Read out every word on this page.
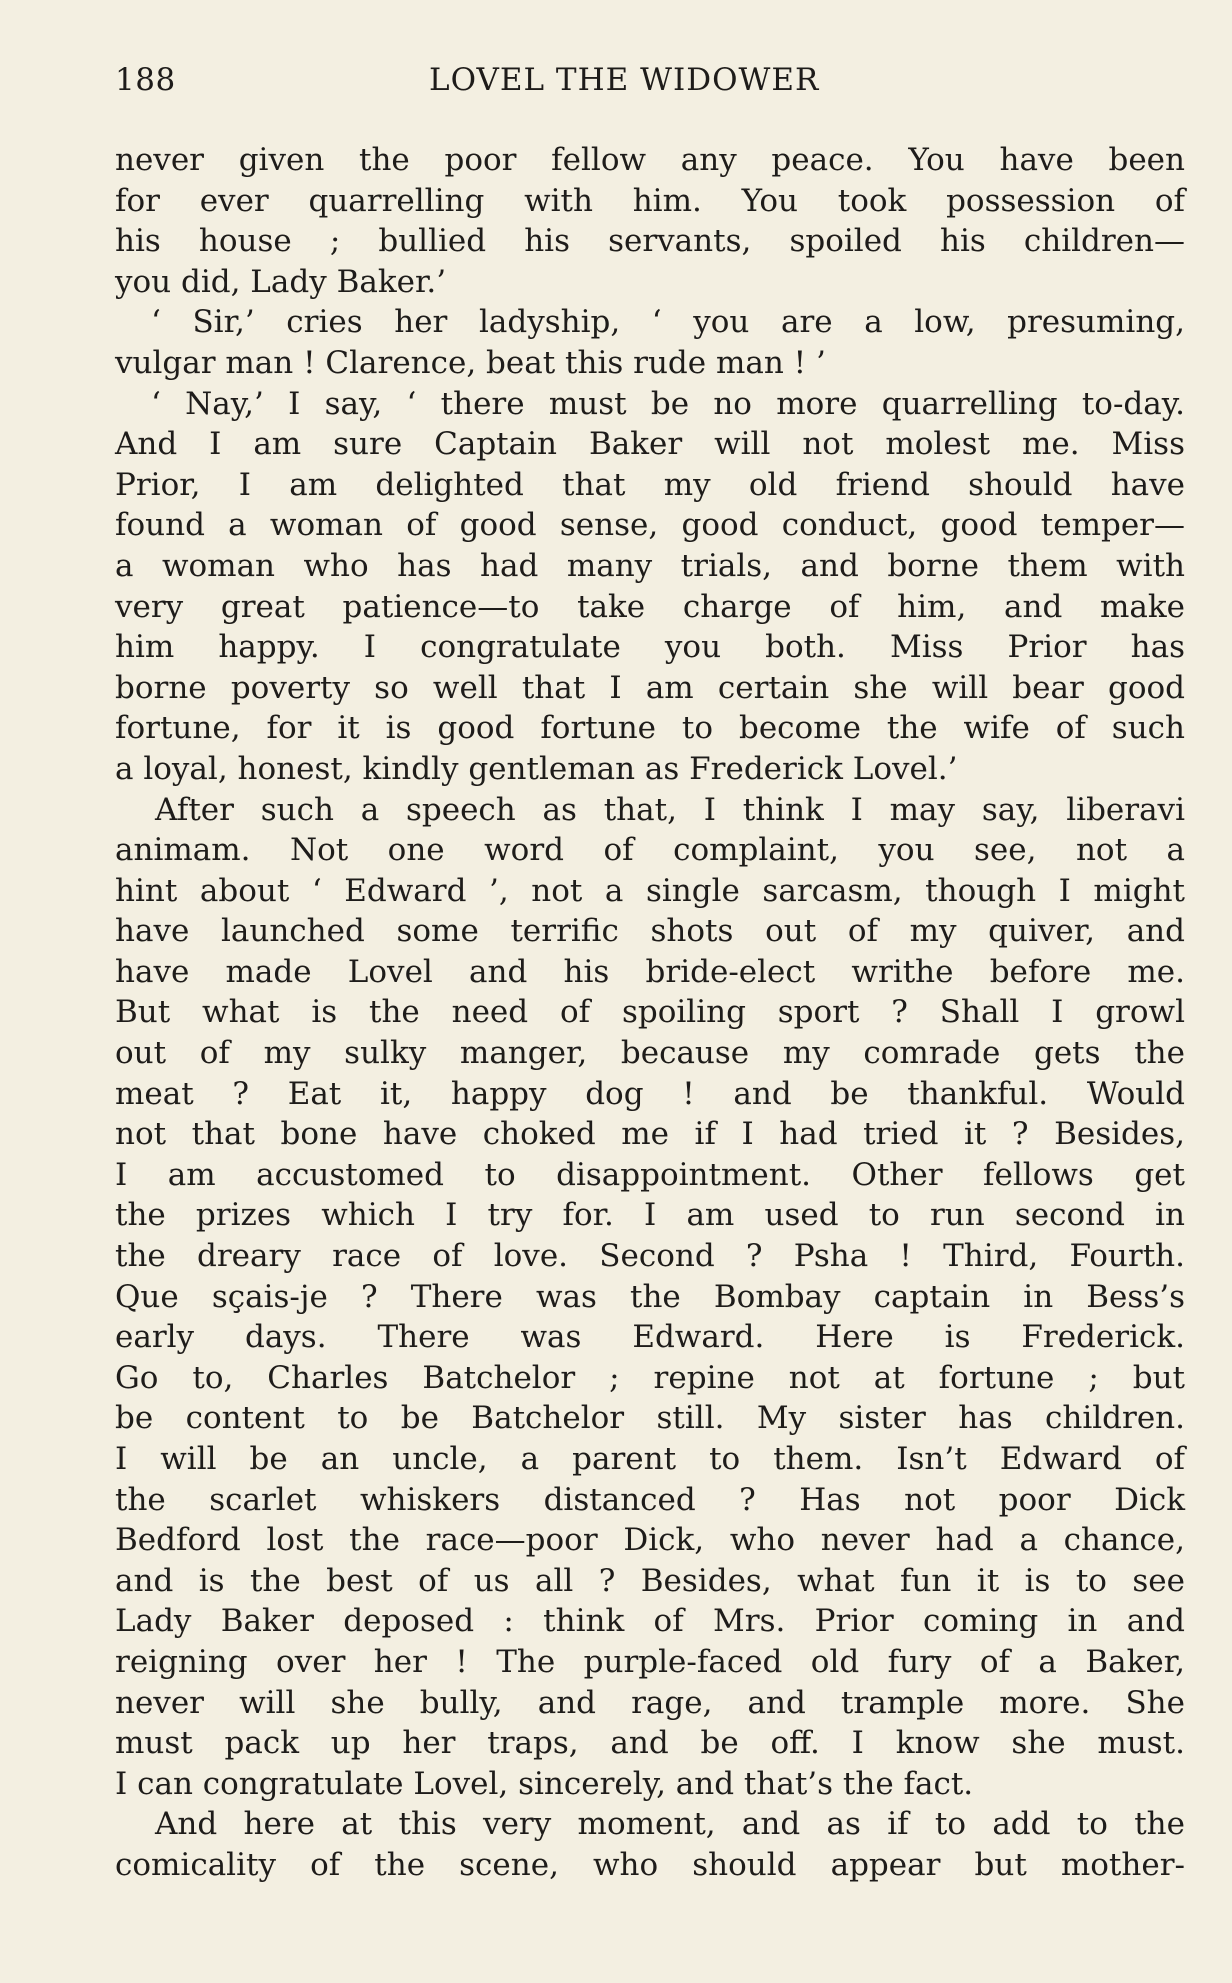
188	LOVEL THE WIDOWER
never given the poor fellow any peace. You have been
for ever quarrelling with him. You took possession of
his house ; bullied his servants, spoiled his children—
you did, Lady Baker.’
‘ Sir,’ cries her ladyship, ‘ you are a low, presuming,
vulgar man ! Clarence, beat this rude man ! ’
‘ Nay,’ I say, ‘ there must be no more quarrelling to-day.
And I am sure Captain Baker will not molest me. Miss
Prior, I am delighted that my old friend should have
found a woman of good sense, good conduct, good temper—
a woman who has had many trials, and borne them with
very great patience—to take charge of him, and make
him happy. I congratulate you both. Miss Prior has
borne poverty so well that I am certain she will bear good
fortune, for it is good fortune to become the wife of such
a loyal, honest, kindly gentleman as Frederick Lovel.’
After such a speech as that, I think I may say, liberavi
animam. Not one word of complaint, you see, not a
hint about ‘ Edward ’, not a single sarcasm, though I might
have launched some terrific shots out of my quiver, and
have made Lovel and his bride-elect writhe before me.
But what is the need of spoiling sport ? Shall I growl
out of my sulky manger, because my comrade gets the
meat ? Eat it, happy dog ! and be thankful. Would
not that bone have choked me if I had tried it ? Besides,
I am accustomed to disappointment. Other fellows get
the prizes which I try for. I am used to run second in
the dreary race of love. Second ? Psha ! Third, Fourth.
Que sçais-je ? There was the Bombay captain in Bess’s
early days. There was Edward. Here is Frederick.
Go to, Charles Batchelor ; repine not at fortune ; but
be content to be Batchelor still. My sister has children.
I will be an uncle, a parent to them. Isn’t Edward of
the scarlet whiskers distanced ? Has not poor Dick
Bedford lost the race—poor Dick, who never had a chance,
and is the best of us all ? Besides, what fun it is to see
Lady Baker deposed : think of Mrs. Prior coming in and
reigning over her ! The purple-faced old fury of a Baker,
never will she bully, and rage, and trample more. She
must pack up her traps, and be off. I know she must.
I can congratulate Lovel, sincerely, and that’s the fact.
And here at this very moment, and as if to add to the
comicality of the scene, who should appear but mother-
